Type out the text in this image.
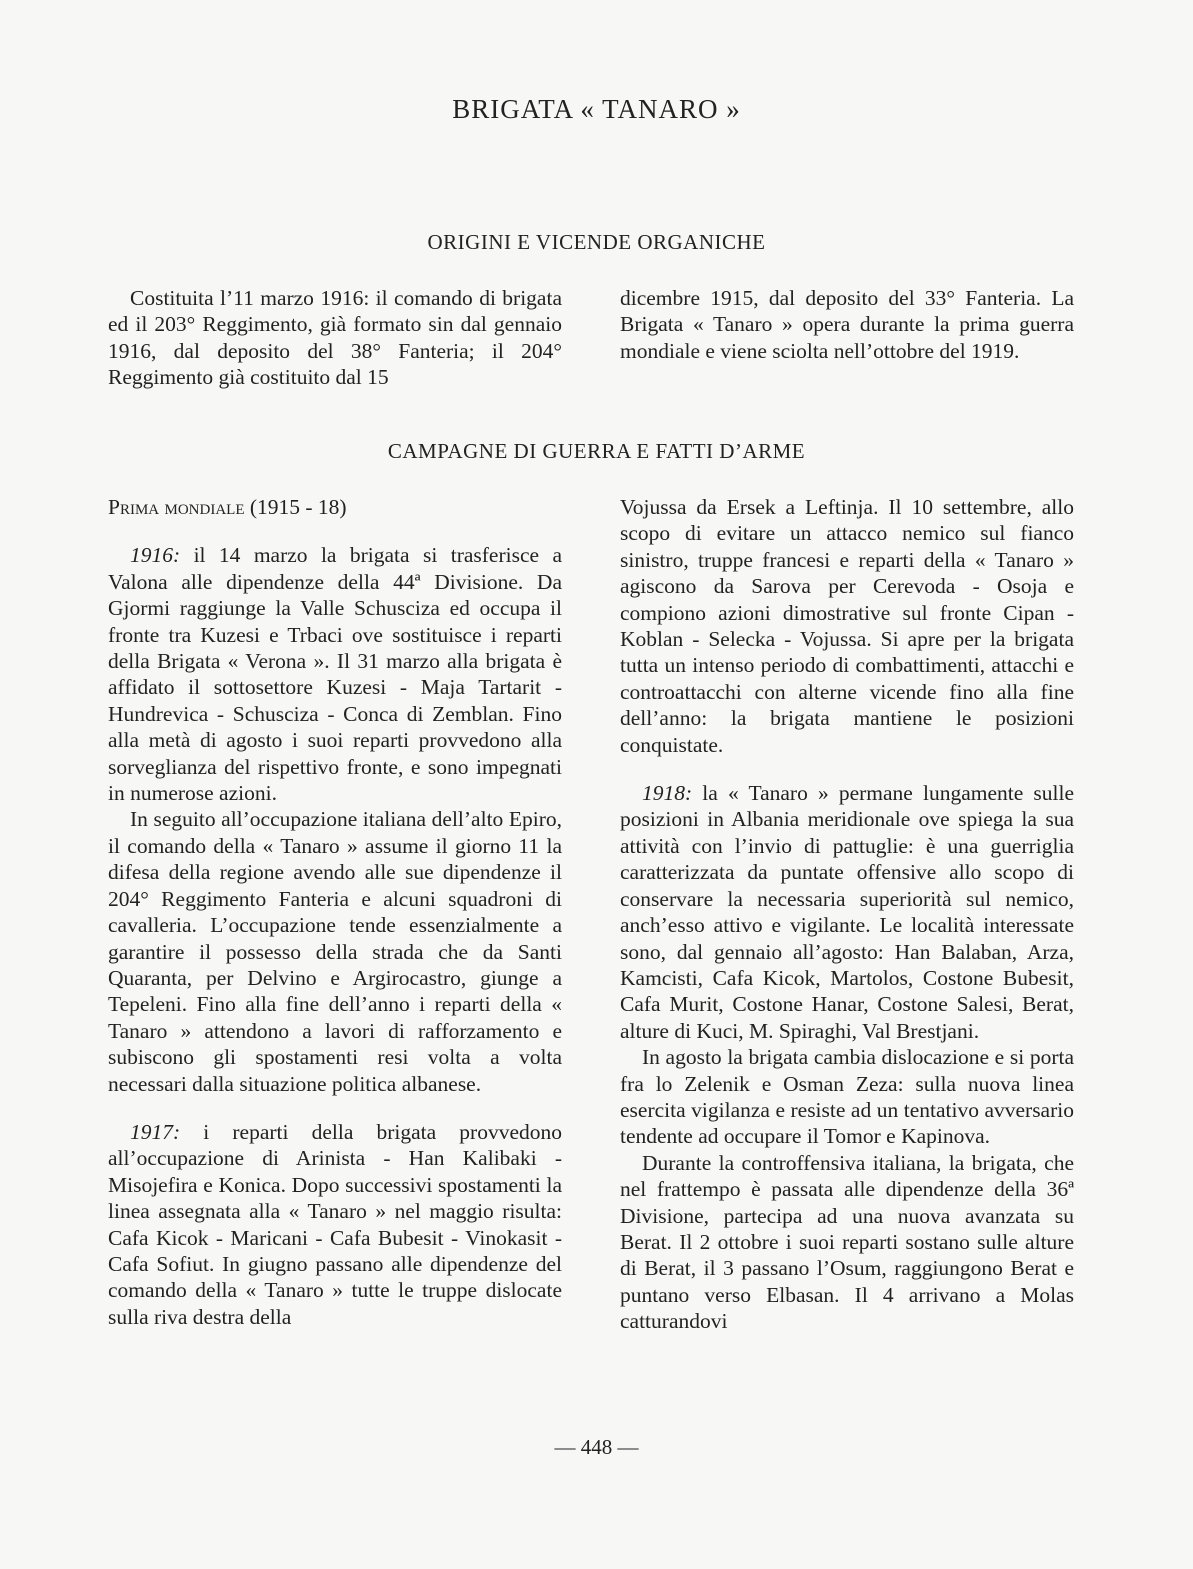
BRIGATA « TANARO »
ORIGINI E VICENDE ORGANICHE

Costituita l’11 marzo 1916: il comando di brigata ed il 203° Reggimento, già formato sin dal gennaio 1916, dal deposito del 38° Fanteria; il 204° Reggimento già costituito dal 15

dicembre 1915, dal deposito del 33° Fanteria. La Brigata « Tanaro » opera durante la prima guerra mondiale e viene sciolta nell’ottobre del 1919.

CAMPAGNE DI GUERRA E FATTI D’ARME

Prima mondiale (1915 - 18)

1916: il 14 marzo la brigata si trasferisce a Valona alle dipendenze della 44ª Divisione. Da Gjormi raggiunge la Valle Schusciza ed occupa il fronte tra Kuzesi e Trbaci ove sostituisce i reparti della Brigata « Verona ». Il 31 marzo alla brigata è affidato il sottosettore Kuzesi - Maja Tartarit - Hundrevica - Schusciza - Conca di Zemblan. Fino alla metà di agosto i suoi reparti provvedono alla sorveglianza del rispettivo fronte, e sono impegnati in numerose azioni.

In seguito all’occupazione italiana dell’alto Epiro, il comando della « Tanaro » assume il giorno 11 la difesa della regione avendo alle sue dipendenze il 204° Reggimento Fanteria e alcuni squadroni di cavalleria. L’occupazione tende essenzialmente a garantire il possesso della strada che da Santi Quaranta, per Delvino e Argirocastro, giunge a Tepeleni. Fino alla fine dell’anno i reparti della « Tanaro » attendono a lavori di rafforzamento e subiscono gli spostamenti resi volta a volta necessari dalla situazione politica albanese.

1917: i reparti della brigata provvedono all’occupazione di Arinista - Han Kalibaki - Misojefira e Konica. Dopo successivi spostamenti la linea assegnata alla « Tanaro » nel maggio risulta: Cafa Kicok - Maricani - Cafa Bubesit - Vinokasit - Cafa Sofiut. In giugno passano alle dipendenze del comando della « Tanaro » tutte le truppe dislocate sulla riva destra della

Vojussa da Ersek a Leftinja. Il 10 settembre, allo scopo di evitare un attacco nemico sul fianco sinistro, truppe francesi e reparti della « Tanaro » agiscono da Sarova per Cerevoda - Osoja e compiono azioni dimostrative sul fronte Cipan - Koblan - Selecka - Vojussa. Si apre per la brigata tutta un intenso periodo di combattimenti, attacchi e controattacchi con alterne vicende fino alla fine dell’anno: la brigata mantiene le posizioni conquistate.

1918: la « Tanaro » permane lungamente sulle posizioni in Albania meridionale ove spiega la sua attività con l’invio di pattuglie: è una guerriglia caratterizzata da puntate offensive allo scopo di conservare la necessaria superiorità sul nemico, anch’esso attivo e vigilante. Le località interessate sono, dal gennaio all’agosto: Han Balaban, Arza, Kamcisti, Cafa Kicok, Martolos, Costone Bubesit, Cafa Murit, Costone Hanar, Costone Salesi, Berat, alture di Kuci, M. Spiraghi, Val Brestjani.

In agosto la brigata cambia dislocazione e si porta fra lo Zelenik e Osman Zeza: sulla nuova linea esercita vigilanza e resiste ad un tentativo avversario tendente ad occupare il Tomor e Kapinova.

Durante la controffensiva italiana, la brigata, che nel frattempo è passata alle dipendenze della 36ª Divisione, partecipa ad una nuova avanzata su Berat. Il 2 ottobre i suoi reparti sostano sulle alture di Berat, il 3 passano l’Osum, raggiungono Berat e puntano verso Elbasan. Il 4 arrivano a Molas catturandovi

— 448 —
